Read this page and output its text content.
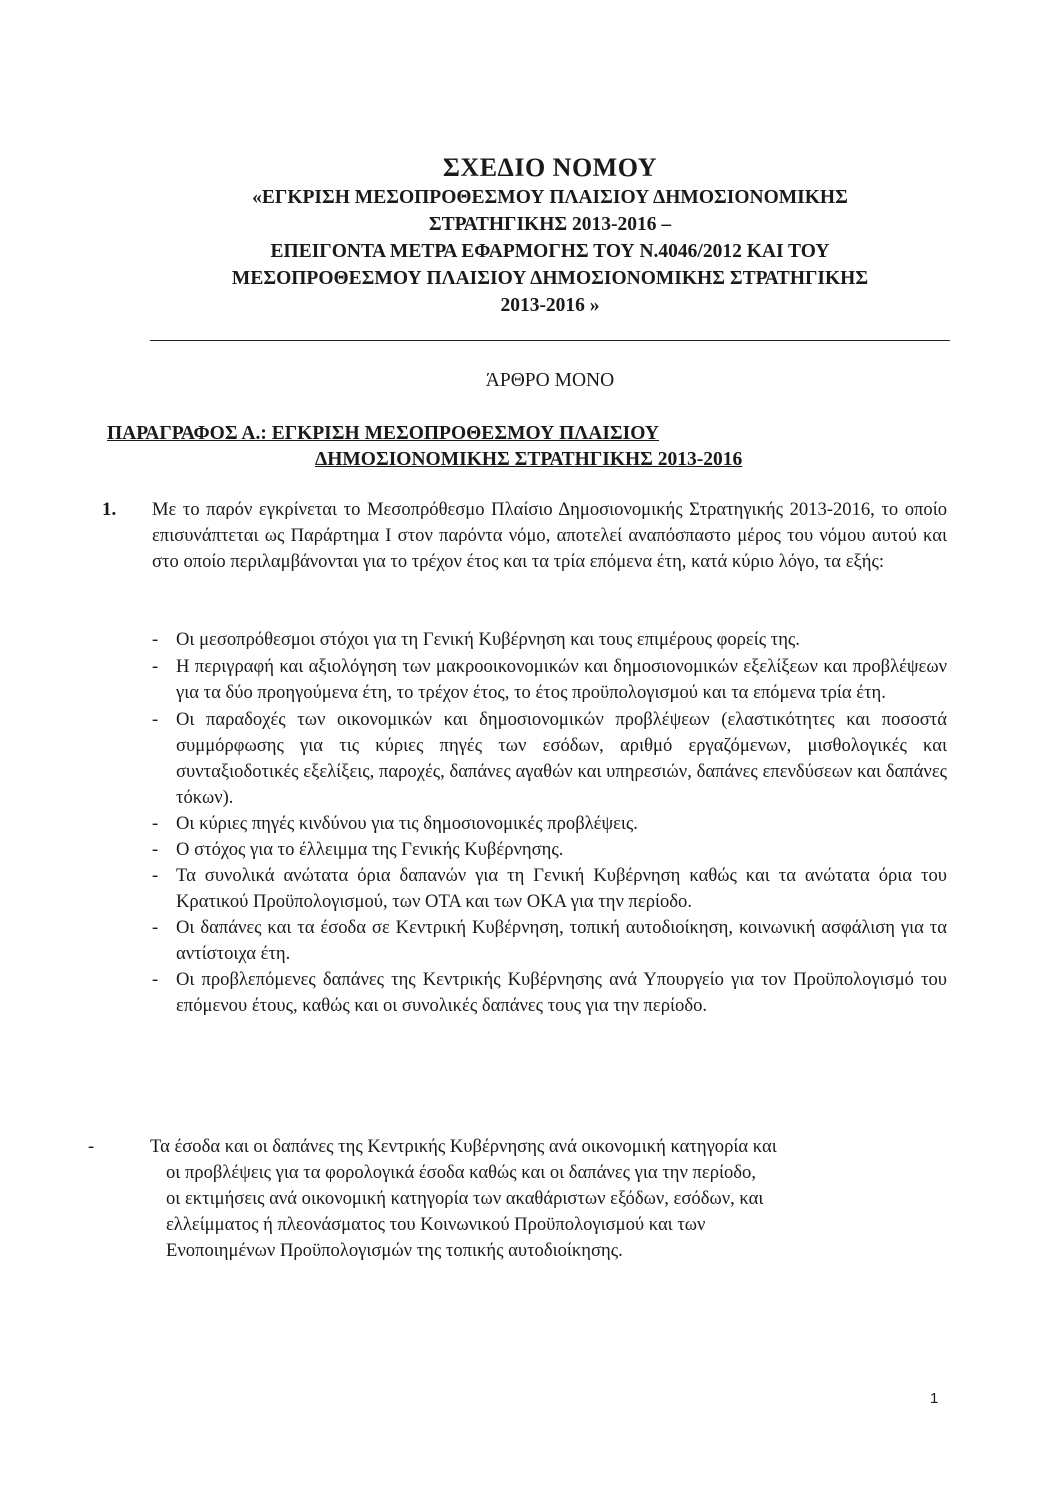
ΣΧΕΔΙΟ ΝΟΜΟΥ
«ΕΓΚΡΙΣΗ ΜΕΣΟΠΡΟΘΕΣΜΟΥ ΠΛΑΙΣΙΟΥ ΔΗΜΟΣΙΟΝΟΜΙΚΗΣ
ΣΤΡΑΤΗΓΙΚΗΣ 2013-2016 –
ΕΠΕΙΓΟΝΤΑ ΜΕΤΡΑ ΕΦΑΡΜΟΓΗΣ ΤΟΥ Ν.4046/2012 ΚΑΙ ΤΟΥ
ΜΕΣΟΠΡΟΘΕΣΜΟΥ ΠΛΑΙΣΙΟΥ ΔΗΜΟΣΙΟΝΟΜΙΚΗΣ ΣΤΡΑΤΗΓΙΚΗΣ
2013-2016 »
ΆΡΘΡΟ ΜΟΝΟ
ΠΑΡΑΓΡΑΦΟΣ Α.: ΕΓΚΡΙΣΗ ΜΕΣΟΠΡΟΘΕΣΜΟΥ ΠΛΑΙΣΙΟΥ
ΔΗΜΟΣΙΟΝΟΜΙΚΗΣ ΣΤΡΑΤΗΓΙΚΗΣ 2013-2016
1. Με το παρόν εγκρίνεται το Μεσοπρόθεσμο Πλαίσιο Δημοσιονομικής Στρατηγικής 2013-2016, το οποίο επισυνάπτεται ως Παράρτημα Ι στον παρόντα νόμο, αποτελεί αναπόσπαστο μέρος του νόμου αυτού και στο οποίο περιλαμβάνονται για το τρέχον έτος και τα τρία επόμενα έτη, κατά κύριο λόγο, τα εξής:
- Οι μεσοπρόθεσμοι στόχοι για τη Γενική Κυβέρνηση και τους επιμέρους φορείς της.
- Η περιγραφή και αξιολόγηση των μακροοικονομικών και δημοσιονομικών εξελίξεων και προβλέψεων για τα δύο προηγούμενα έτη, το τρέχον έτος, το έτος προϋπολογισμού και τα επόμενα τρία έτη.
- Οι παραδοχές των οικονομικών και δημοσιονομικών προβλέψεων (ελαστικότητες και ποσοστά συμμόρφωσης για τις κύριες πηγές των εσόδων, αριθμό εργαζόμενων, μισθολογικές και συνταξιοδοτικές εξελίξεις, παροχές, δαπάνες αγαθών και υπηρεσιών, δαπάνες επενδύσεων και δαπάνες τόκων).
- Οι κύριες πηγές κινδύνου για τις δημοσιονομικές προβλέψεις.
- Ο στόχος για το έλλειμμα της Γενικής Κυβέρνησης.
- Τα συνολικά ανώτατα όρια δαπανών για τη Γενική Κυβέρνηση καθώς και τα ανώτατα όρια του Κρατικού Προϋπολογισμού, των ΟΤΑ και των ΟΚΑ για την περίοδο.
- Οι δαπάνες και τα έσοδα σε Κεντρική Κυβέρνηση, τοπική αυτοδιοίκηση, κοινωνική ασφάλιση για τα αντίστοιχα έτη.
- Οι προβλεπόμενες δαπάνες της Κεντρικής Κυβέρνησης ανά Υπουργείο για τον Προϋπολογισμό του επόμενου έτους, καθώς και οι συνολικές δαπάνες τους για την περίοδο.
-	Τα έσοδα και οι δαπάνες της Κεντρικής Κυβέρνησης ανά οικονομική κατηγορία και
οι προβλέψεις για τα φορολογικά έσοδα καθώς και οι δαπάνες για την περίοδο,
οι εκτιμήσεις ανά οικονομική κατηγορία των ακαθάριστων εξόδων, εσόδων, και
ελλείμματος ή πλεονάσματος του Κοινωνικού Προϋπολογισμού και των
Ενοποιημένων Προϋπολογισμών της τοπικής αυτοδιοίκησης.
1
